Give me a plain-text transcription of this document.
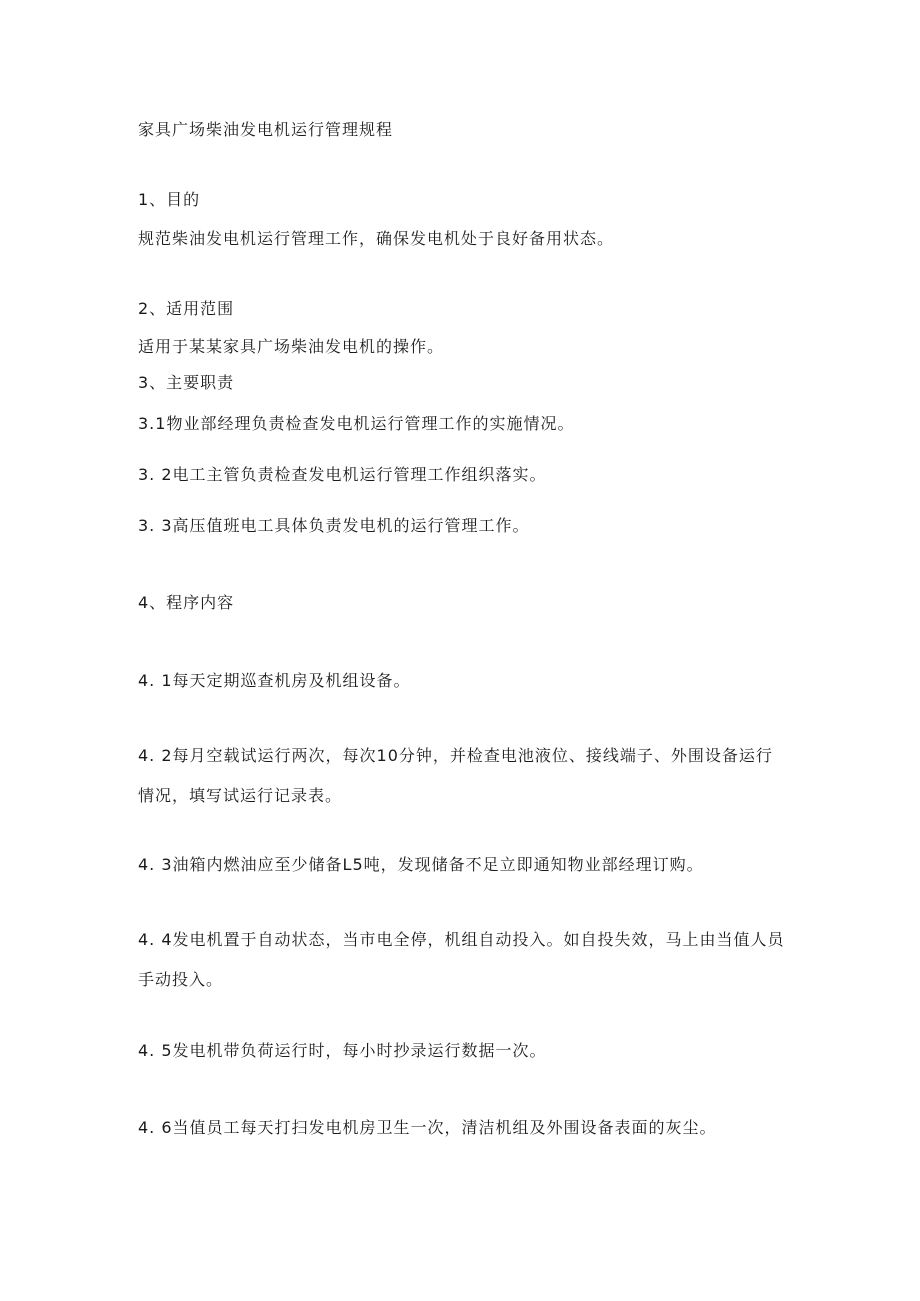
家具广场柴油发电机运行管理规程
1、目的
规范柴油发电机运行管理工作，确保发电机处于良好备用状态。
2、适用范围
适用于某某家具广场柴油发电机的操作。
3、主要职责
3.1物业部经理负责检查发电机运行管理工作的实施情况。
3. 2电工主管负责检查发电机运行管理工作组织落实。
3. 3高压值班电工具体负责发电机的运行管理工作。
4、程序内容
4. 1每天定期巡查机房及机组设备。
4. 2每月空载试运行两次，每次10分钟，并检查电池液位、接线端子、外围设备运行情况，填写试运行记录表。
4. 3油箱内燃油应至少储备L5吨，发现储备不足立即通知物业部经理订购。
4. 4发电机置于自动状态，当市电全停，机组自动投入。如自投失效，马上由当值人员手动投入。
4. 5发电机带负荷运行时，每小时抄录运行数据一次。
4. 6当值员工每天打扫发电机房卫生一次，清洁机组及外围设备表面的灰尘。
